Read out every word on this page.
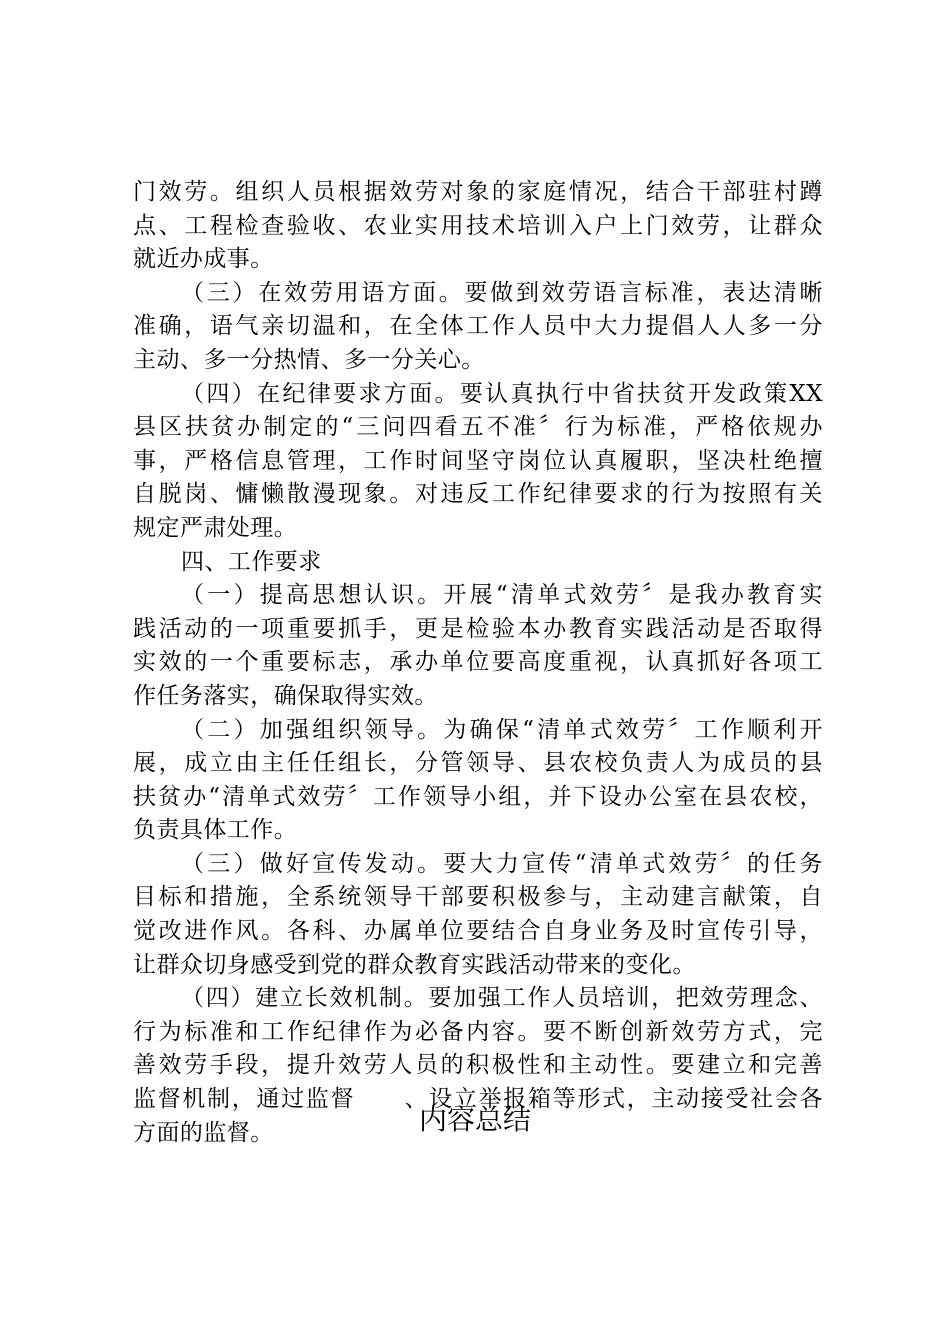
门效劳。组织人员根据效劳对象的家庭情况，结合干部驻村蹲
点、工程检查验收、农业实用技术培训入户上门效劳，让群众
就近办成事。
（三）在效劳用语方面。要做到效劳语言标准，表达清晰
准确，语气亲切温和，在全体工作人员中大力提倡人人多一分
主动、多一分热情、多一分关心。
（四）在纪律要求方面。要认真执行中省扶贫开发政策XX
县区扶贫办制定的“三问四看五不准〞行为标准，严格依规办
事，严格信息管理，工作时间坚守岗位认真履职，坚决杜绝擅
自脱岗、慵懒散漫现象。对违反工作纪律要求的行为按照有关
规定严肃处理。
四、工作要求
（一）提高思想认识。开展“清单式效劳〞是我办教育实
践活动的一项重要抓手，更是检验本办教育实践活动是否取得
实效的一个重要标志，承办单位要高度重视，认真抓好各项工
作任务落实，确保取得实效。
（二）加强组织领导。为确保“清单式效劳〞工作顺利开
展，成立由主任任组长，分管领导、县农校负责人为成员的县
扶贫办“清单式效劳〞工作领导小组，并下设办公室在县农校，
负责具体工作。
（三）做好宣传发动。要大力宣传“清单式效劳〞的任务
目标和措施，全系统领导干部要积极参与，主动建言献策，自
觉改进作风。各科、办属单位要结合自身业务及时宣传引导，
让群众切身感受到党的群众教育实践活动带来的变化。
（四）建立长效机制。要加强工作人员培训，把效劳理念、
行为标准和工作纪律作为必备内容。要不断创新效劳方式，完
善效劳手段，提升效劳人员的积极性和主动性。要建立和完善
监督机制，通过监督　　、设立举报箱等形式，主动接受社会各
方面的监督。	内容总结
